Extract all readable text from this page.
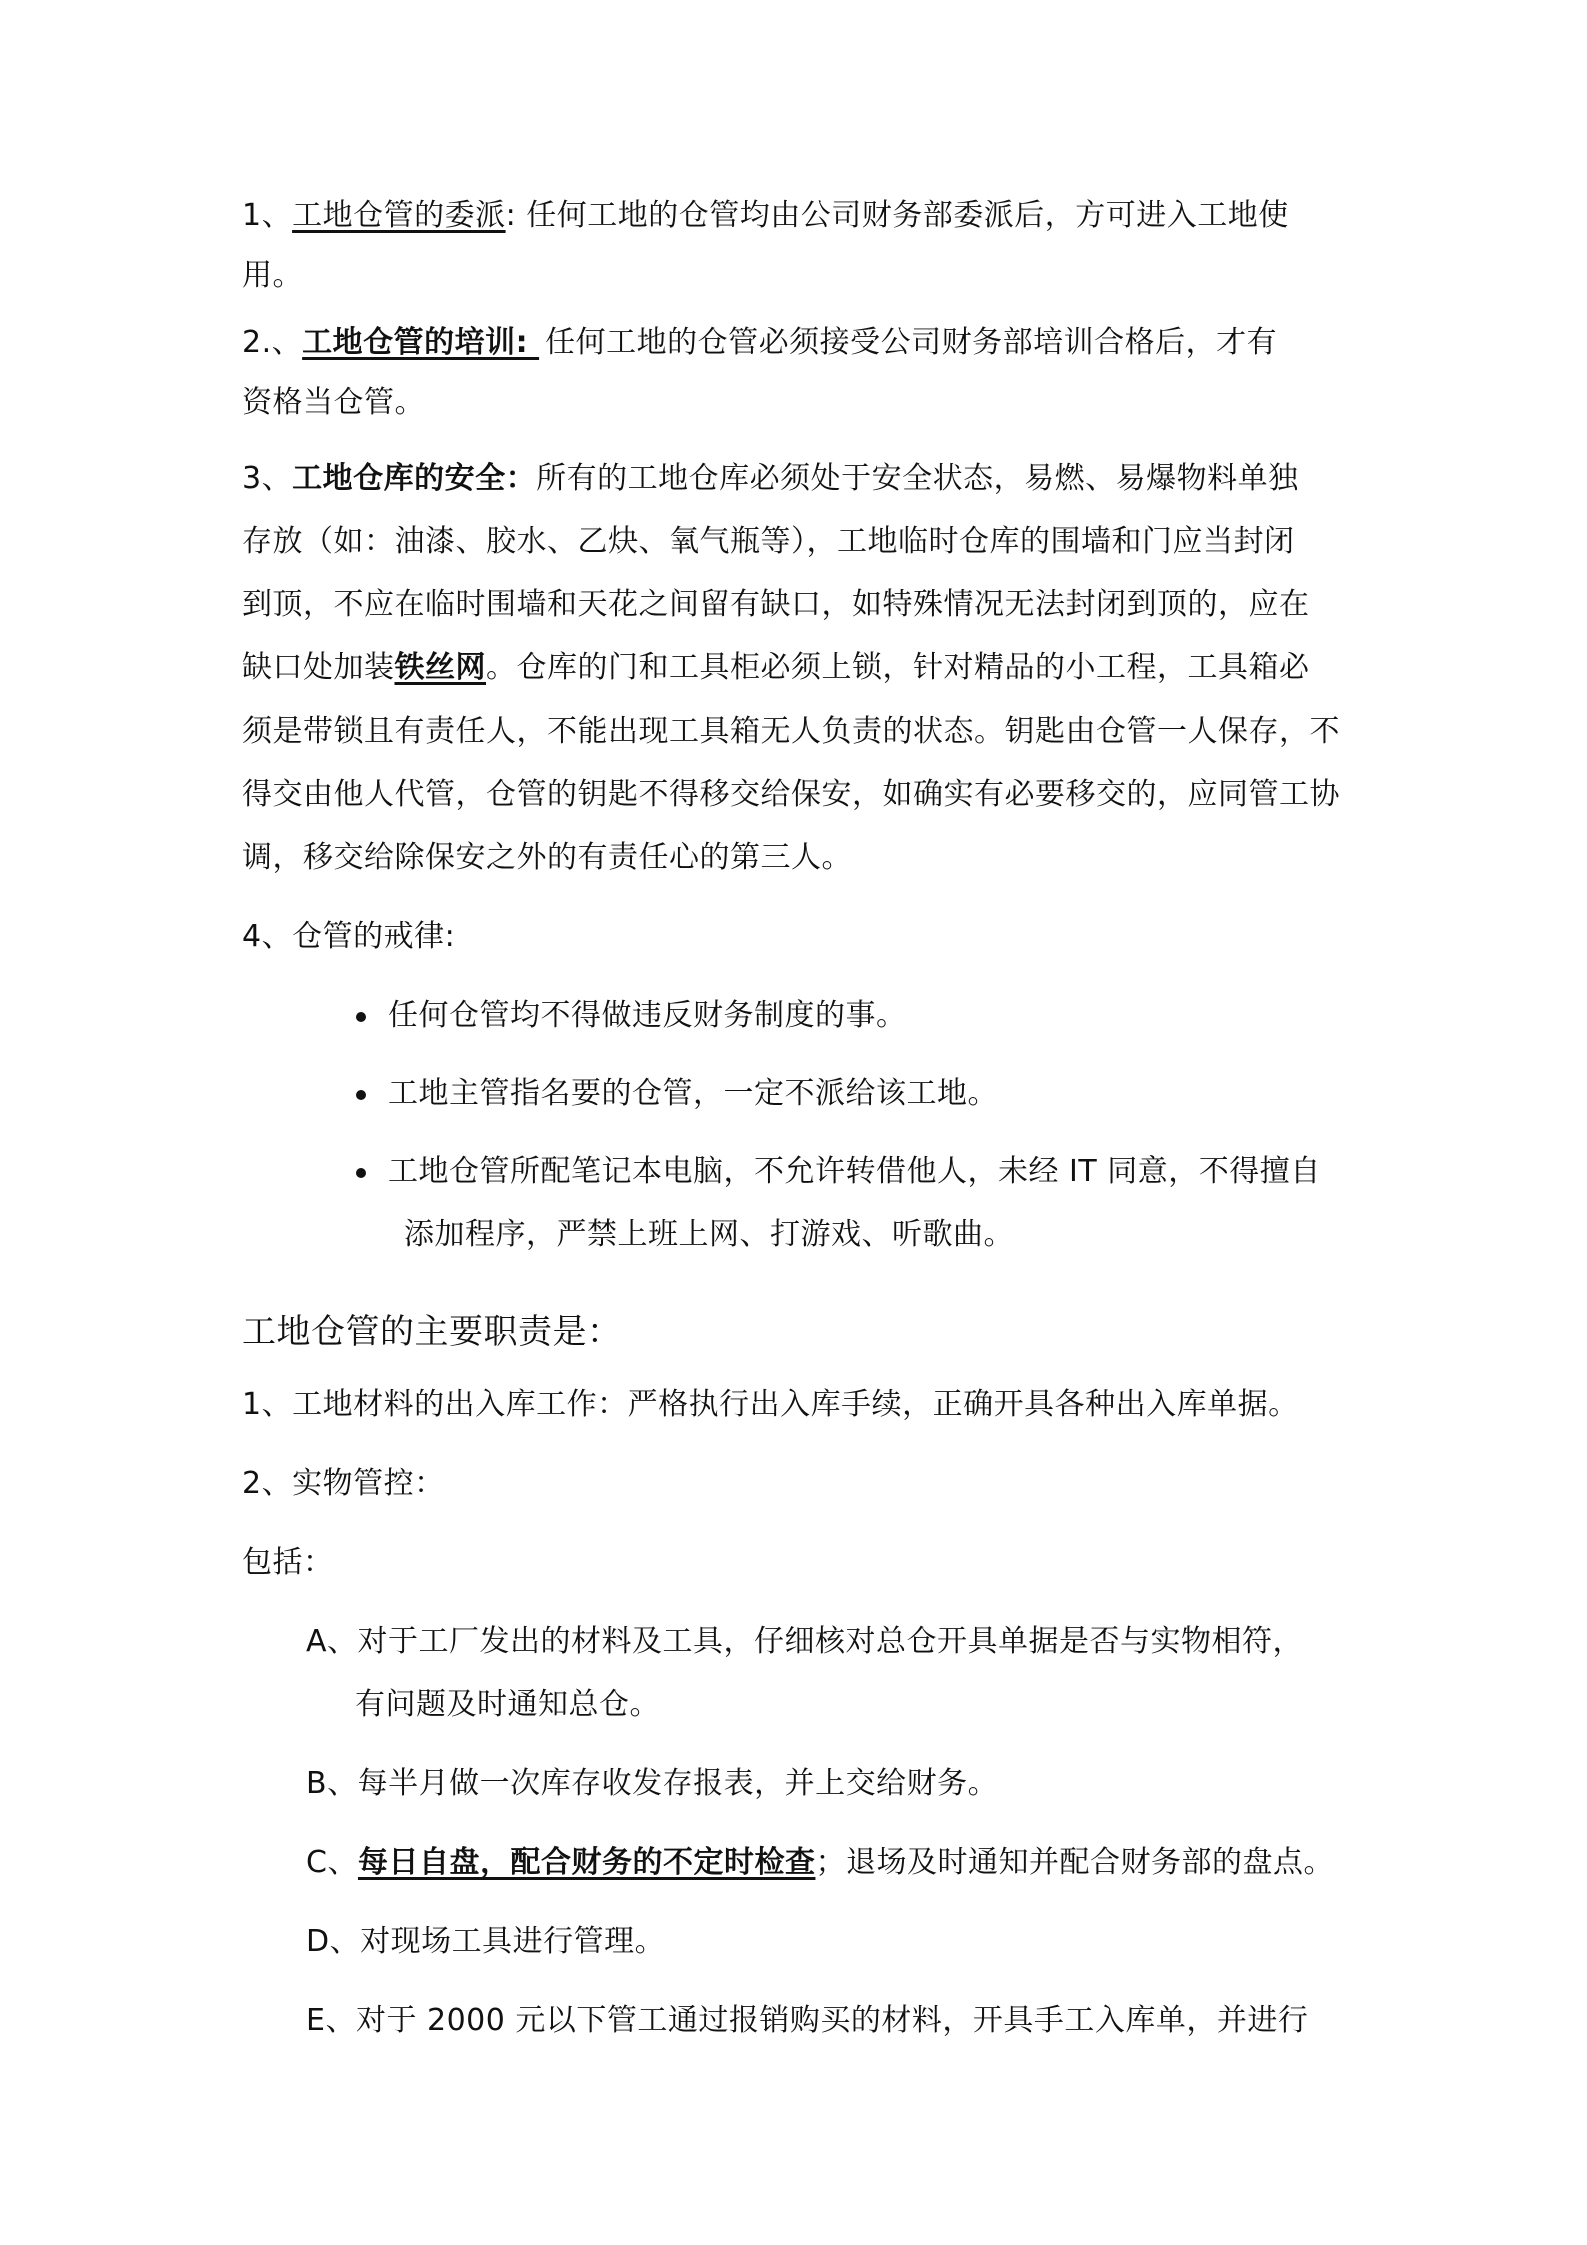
1、工地仓管的委派: 任何工地的仓管均由公司财务部委派后，方可进入工地使
用。
2.、工地仓管的培训: 任何工地的仓管必须接受公司财务部培训合格后，才有
资格当仓管。
3、工地仓库的安全：所有的工地仓库必须处于安全状态，易燃、易爆物料单独
存放（如：油漆、胶水、乙炔、氧气瓶等），工地临时仓库的围墙和门应当封闭
到顶，不应在临时围墙和天花之间留有缺口，如特殊情况无法封闭到顶的，应在
缺口处加装铁丝网。仓库的门和工具柜必须上锁，针对精品的小工程，工具箱必
须是带锁且有责任人，不能出现工具箱无人负责的状态。钥匙由仓管一人保存，不
得交由他人代管，仓管的钥匙不得移交给保安，如确实有必要移交的，应同管工协
调，移交给除保安之外的有责任心的第三人。
4、仓管的戒律:
任何仓管均不得做违反财务制度的事。
工地主管指名要的仓管，一定不派给该工地。
工地仓管所配笔记本电脑，不允许转借他人，未经 IT 同意，不得擅自
添加程序，严禁上班上网、打游戏、听歌曲。
工地仓管的主要职责是：
1、工地材料的出入库工作：严格执行出入库手续，正确开具各种出入库单据。
2、实物管控：
包括：
A、对于工厂发出的材料及工具，仔细核对总仓开具单据是否与实物相符，
有问题及时通知总仓。
B、每半月做一次库存收发存报表，并上交给财务。
C、每日自盘，配合财务的不定时检查；退场及时通知并配合财务部的盘点。
D、对现场工具进行管理。
E、对于 2000 元以下管工通过报销购买的材料，开具手工入库单，并进行
